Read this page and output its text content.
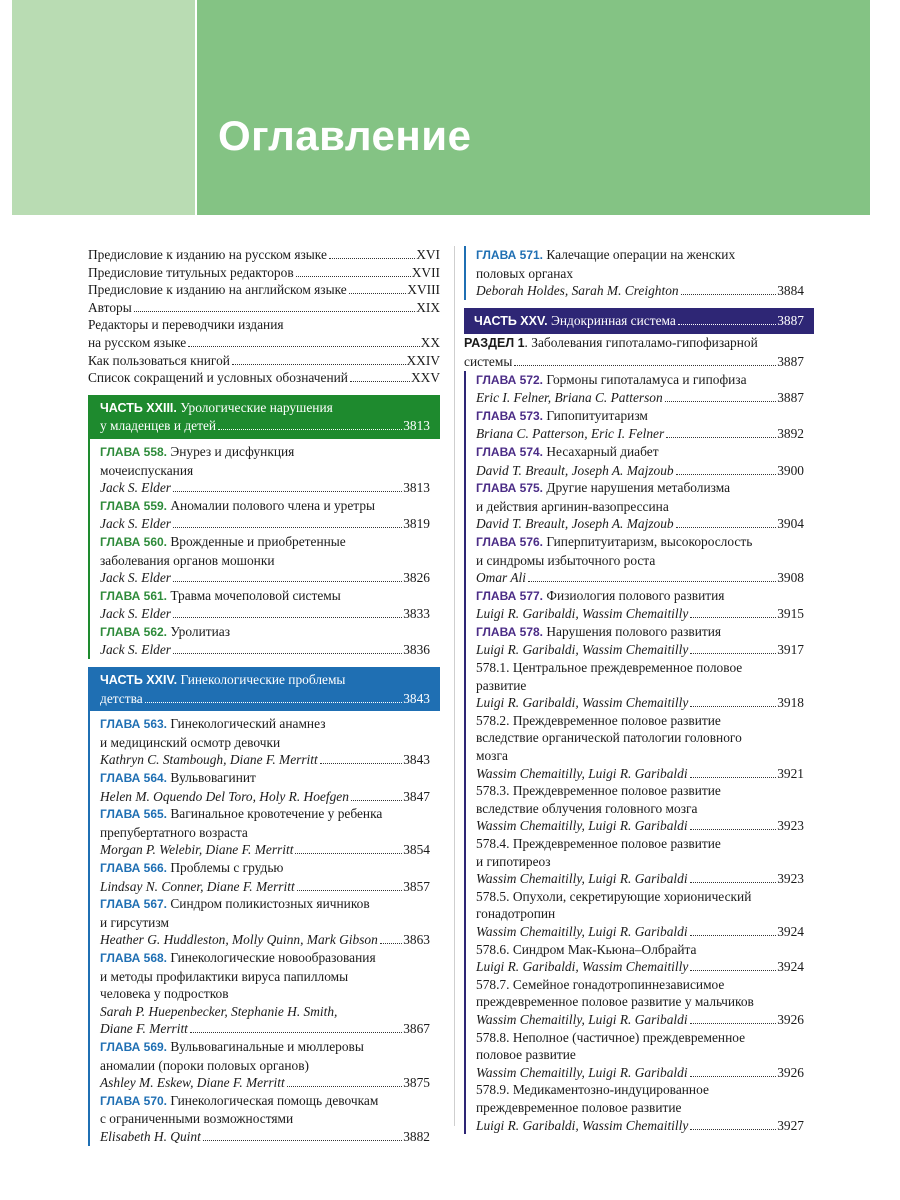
Оглавление
Предисловие к изданию на русском языке	XVI
Предисловие титульных редакторов	XVII
Предисловие к изданию на английском языке	XVIII
Авторы	XIX
Редакторы и переводчики издания
на русском языке	XX
Как пользоваться книгой	XXIV
Список сокращений и условных обозначений	XXV
ЧАСТЬ XXIII.
Урологические нарушения
у младенцев и детей	3813
ГЛАВА 558.
Энурез и дисфункция
мочеиспускания
Jack S. Elder	3813
ГЛАВА 559.
Аномалии полового члена и уретры
Jack S. Elder	3819
ГЛАВА 560.
Врожденные и приобретенные
заболевания органов мошонки
Jack S. Elder	3826
ГЛАВА 561.
Травма мочеполовой системы
Jack S. Elder	3833
ГЛАВА 562.
Уролитиаз
Jack S. Elder	3836
ЧАСТЬ XXIV.
Гинекологические проблемы
детства	3843
ГЛАВА 563.
Гинекологический анамнез
и медицинский осмотр девочки
Kathryn C. Stambough, Diane F. Merritt	3843
ГЛАВА 564.
Вульвовагинит
Helen M. Oquendo Del Toro, Holy R. Hoefgen	3847
ГЛАВА 565.
Вагинальное кровотечение у ребенка
препубертатного возраста
Morgan P. Welebir, Diane F. Merritt	3854
ГЛАВА 566.
Проблемы с грудью
Lindsay N. Conner, Diane F. Merritt	3857
ГЛАВА 567.
Синдром поликистозных яичников
и гирсутизм
Heather G. Huddleston, Molly Quinn, Mark Gibson 3863
ГЛАВА 568.
Гинекологические новообразования
и методы профилактики вируса папилломы
человека у подростков
Sarah P. Huepenbecker, Stephanie H. Smith,
Diane F. Merritt	3867
ГЛАВА 569.
Вульвовагинальные и мюллеровы
аномалии (пороки половых органов)
Ashley M. Eskew, Diane F. Merritt	3875
ГЛАВА 570.
Гинекологическая помощь девочкам
с ограниченными возможностями
Elisabeth H. Quint	3882
ГЛАВА 571.
Калечащие операции на женских
половых органах
Deborah Holdes, Sarah M. Creighton	3884
ЧАСТЬ XXV.
Эндокринная система	3887
РАЗДЕЛ 1 . Заболевания гипоталамо-гипофизарной
системы	3887
ГЛАВА 572.
Гормоны гипоталамуса и гипофиза
Eric I. Felner, Briana C. Patterson	3887
ГЛАВА 573.
Гипопитуитаризм
Briana C. Patterson, Eric I. Felner	3892
ГЛАВА 574.
Несахарный диабет
David T. Breault, Joseph A. Majzoub	3900
ГЛАВА 575.
Другие нарушения метаболизма
и действия аргинин-вазопрессина
David T. Breault, Joseph A. Majzoub	3904
ГЛАВА 576.
Гиперпитуитаризм, высокорослость
и синдромы избыточного роста
Omar Ali	3908
ГЛАВА 577.
Физиология полового развития
Luigi R. Garibaldi, Wassim Chemaitilly	3915
ГЛАВА 578.
Нарушения полового развития
Luigi R. Garibaldi, Wassim Chemaitilly	3917
578.1. Центральное преждевременное половое
развитие
Luigi R. Garibaldi, Wassim Chemaitilly	3918
578.2. Преждевременное половое развитие
вследствие органической патологии головного
мозга
Wassim Chemaitilly, Luigi R. Garibaldi	3921
578.3. Преждевременное половое развитие
вследствие облучения головного мозга
Wassim Chemaitilly, Luigi R. Garibaldi	3923
578.4. Преждевременное половое развитие
и гипотиреоз
Wassim Chemaitilly, Luigi R. Garibaldi	3923
578.5. Опухоли, секретирующие хорионический
гонадотропин
Wassim Chemaitilly, Luigi R. Garibaldi	3924
578.6. Синдром Мак-Кьюна–Олбрайта
Luigi R. Garibaldi, Wassim Chemaitilly	3924
578.7. Семейное гонадотропиннезависимое
преждевременное половое развитие у мальчиков
Wassim Chemaitilly, Luigi R. Garibaldi	3926
578.8. Неполное (частичное) преждевременное
половое развитие
Wassim Chemaitilly, Luigi R. Garibaldi	3926
578.9. Медикаментозно-индуцированное
преждевременное половое развитие
Luigi R. Garibaldi, Wassim Chemaitilly	3927
